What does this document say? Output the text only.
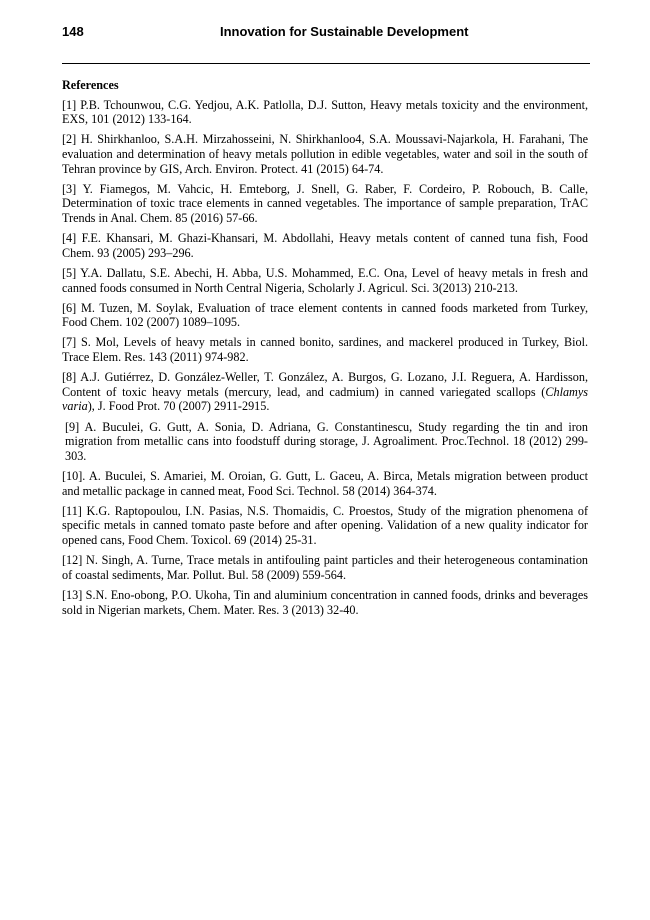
148	Innovation for Sustainable Development
References

[1] P.B. Tchounwou, C.G. Yedjou, A.K. Patlolla, D.J. Sutton, Heavy metals toxicity and the environment, EXS, 101 (2012) 133-164.

[2] H. Shirkhanloo, S.A.H. Mirzahosseini, N. Shirkhanloo4, S.A. Moussavi-Najarkola, H. Farahani, The evaluation and determination of heavy metals pollution in edible vegetables, water and soil in the south of Tehran province by GIS, Arch. Environ. Protect. 41 (2015) 64-74.

[3] Y. Fiamegos, M. Vahcic, H. Emteborg, J. Snell, G. Raber, F. Cordeiro, P. Robouch, B. Calle, Determination of toxic trace elements in canned vegetables. The importance of sample preparation, TrAC Trends in Anal. Chem. 85 (2016) 57-66.

[4] F.E. Khansari, M. Ghazi-Khansari, M. Abdollahi, Heavy metals content of canned tuna fish, Food Chem. 93 (2005) 293–296.

[5] Y.A. Dallatu, S.E. Abechi, H. Abba, U.S. Mohammed, E.C. Ona, Level of heavy metals in fresh and canned foods consumed in North Central Nigeria, Scholarly J. Agricul. Sci. 3(2013) 210-213.

[6] M. Tuzen, M. Soylak, Evaluation of trace element contents in canned foods marketed from Turkey, Food Chem. 102 (2007) 1089–1095.

[7] S. Mol, Levels of heavy metals in canned bonito, sardines, and mackerel produced in Turkey, Biol. Trace Elem. Res. 143 (2011) 974-982.

[8] A.J. Gutiérrez, D. González-Weller, T. González, A. Burgos, G. Lozano, J.I. Reguera, A. Hardisson, Content of toxic heavy metals (mercury, lead, and cadmium) in canned variegated scallops (Chlamys varia), J. Food Prot. 70 (2007) 2911-2915.

[9] A. Buculei, G. Gutt, A. Sonia, D. Adriana, G. Constantinescu, Study regarding the tin and iron migration from metallic cans into foodstuff during storage, J. Agroaliment. Proc.Technol. 18 (2012) 299-303.

[10]. A. Buculei, S. Amariei, M. Oroian, G. Gutt, L. Gaceu, A. Birca, Metals migration between product and metallic package in canned meat, Food Sci. Technol. 58 (2014) 364-374.

[11] K.G. Raptopoulou, I.N. Pasias, N.S. Thomaidis, C. Proestos, Study of the migration phenomena of specific metals in canned tomato paste before and after opening. Validation of a new quality indicator for opened cans, Food Chem. Toxicol. 69 (2014) 25-31.

[12] N. Singh, A. Turne, Trace metals in antifouling paint particles and their heterogeneous contamination of coastal sediments, Mar. Pollut. Bul. 58 (2009) 559-564.

[13] S.N. Eno-obong, P.O. Ukoha, Tin and aluminium concentration in canned foods, drinks and beverages sold in Nigerian markets, Chem. Mater. Res. 3 (2013) 32-40.
